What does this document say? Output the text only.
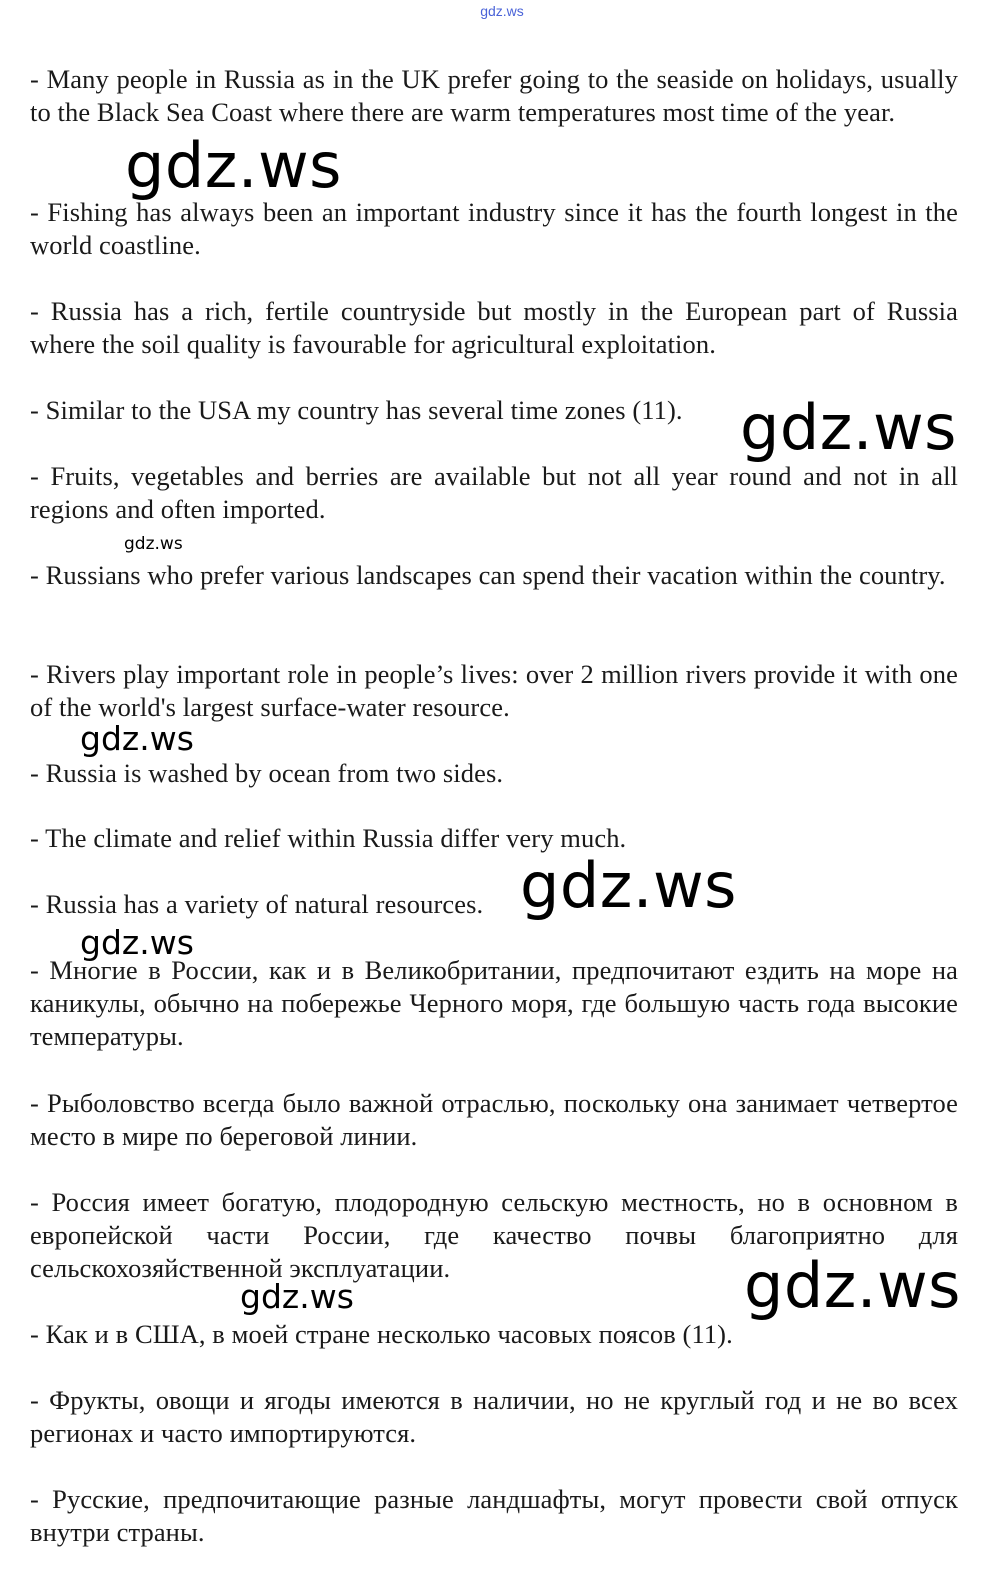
gdz.ws

- Many people in Russia as in the UK prefer going to the seaside on holidays, usually to the Black Sea Coast where there are warm temperatures most time of the year.

- Fishing has always been an important industry since it has the fourth longest in the world coastline.

- Russia has a rich, fertile countryside but mostly in the European part of Russia where the soil quality is favourable for agricultural exploitation.

- Similar to the USA my country has several time zones (11).

- Fruits, vegetables and berries are available but not all year round and not in all regions and often imported.

- Russians who prefer various landscapes can spend their vacation within the country.

- Rivers play important role in people’s lives: over 2 million rivers provide it with one of the world's largest surface-water resource.

- Russia is washed by ocean from two sides.

- The climate and relief within Russia differ very much.

- Russia has a variety of natural resources.

- Многие в России, как и в Великобритании, предпочитают ездить на море на каникулы, обычно на побережье Черного моря, где большую часть года высокие температуры.

- Рыболовство всегда было важной отраслью, поскольку она занимает четвертое место в мире по береговой линии.

- Россия имеет богатую, плодородную сельскую местность, но в основном в европейской части России, где качество почвы благоприятно для сельскохозяйственной эксплуатации.

- Как и в США, в моей стране несколько часовых поясов (11).

- Фрукты, овощи и ягоды имеются в наличии, но не круглый год и не во всех регионах и часто импортируются.

- Русские, предпочитающие разные ландшафты, могут провести свой отпуск внутри страны.

gdz.ws
gdz.ws
gdz.ws
gdz.ws
gdz.ws
gdz.ws
gdz.ws
gdz.ws
